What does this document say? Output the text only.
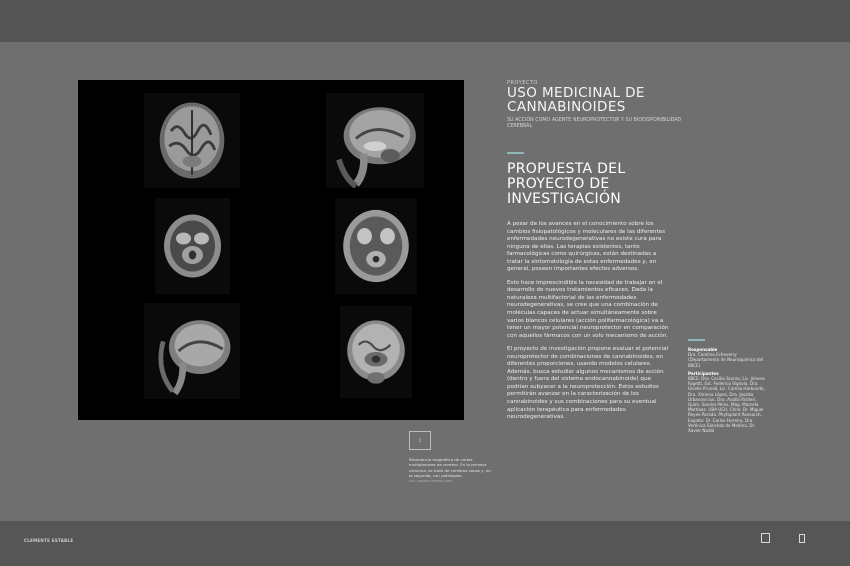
1
Resonancia magnética de cortes multiplanares de cerebro. En la primera columna, se trata de cerebros sanos y, en la segunda, con patologías.
Foto: IMAGEM (CEDTC) 1993
PROYECTO
USO MEDICINAL DE CANNABINOIDES
SU ACCIÓN COMO AGENTE NEUROPROTECTOR Y SU BIODISPONIBILIDAD CEREBRAL
PROPUESTA DEL PROYECTO DE INVESTIGACIÓN

A pesar de los avances en el conocimiento sobre los cambios fisiopatológicos y moleculares de las diferentes enfermedades neurodegenerativas no existe cura para ninguna de ellas. Las terapias existentes, tanto farmacológicas como quirúrgicas, están destinadas a tratar la sintomatología de estas enfermedades y, en general, poseen importantes efectos adversos.

Esto hace imprescindible la necesidad de trabajar en el desarrollo de nuevos tratamientos eficaces. Dada la naturaleza multifactorial de las enfermedades neurodegenerativas, se cree que una combinación de moléculas capaces de actuar simultáneamente sobre varios blancos celulares (acción polifarmacológica) va a tener un mayor potencial neuroprotector en comparación con aquellos fármacos con un solo mecanismo de acción.

El proyecto de investigación propone evaluar el potencial neuroprotector de combinaciones de cannabinoides, en diferentes proporciones, usando modelos celulares. Además, busca estudiar algunos mecanismos de acción (dentro y fuera del sistema endocannabinoide) que podrían subyacer a la neuroprotección. Estos estudios permitirán avanzar en la caracterización de los cannabinoides y sus combinaciones para su eventual aplicación terapéutica para enfermedades neurodegenerativas.

Responsable
Dra. Carolina Echeverry (Departamento de Neuroquímica del IIBCE)
Participantes
IIBCE: Dra. Cecilia Scorza, Lic. Jimena Fagetti, Est. Federico Vignolo, Dra. Giselle Prunell, Lic. Camila Harbondo, Dra. Ximena López, Dra. Jessika Urbanavicius, Dra. Analía Richeri, Quím. Sandra Pérez, Mag. Marcela Martínez. UBA-UCH, Chile: Dr. Miguel Reyes-Parada. Phytoplant Research, España: Dr. Carlos Ferreiro, Dra. Verónica Sánchez de Medina, Dr. Xavier Nadal
CLEMENTE ESTABLE
